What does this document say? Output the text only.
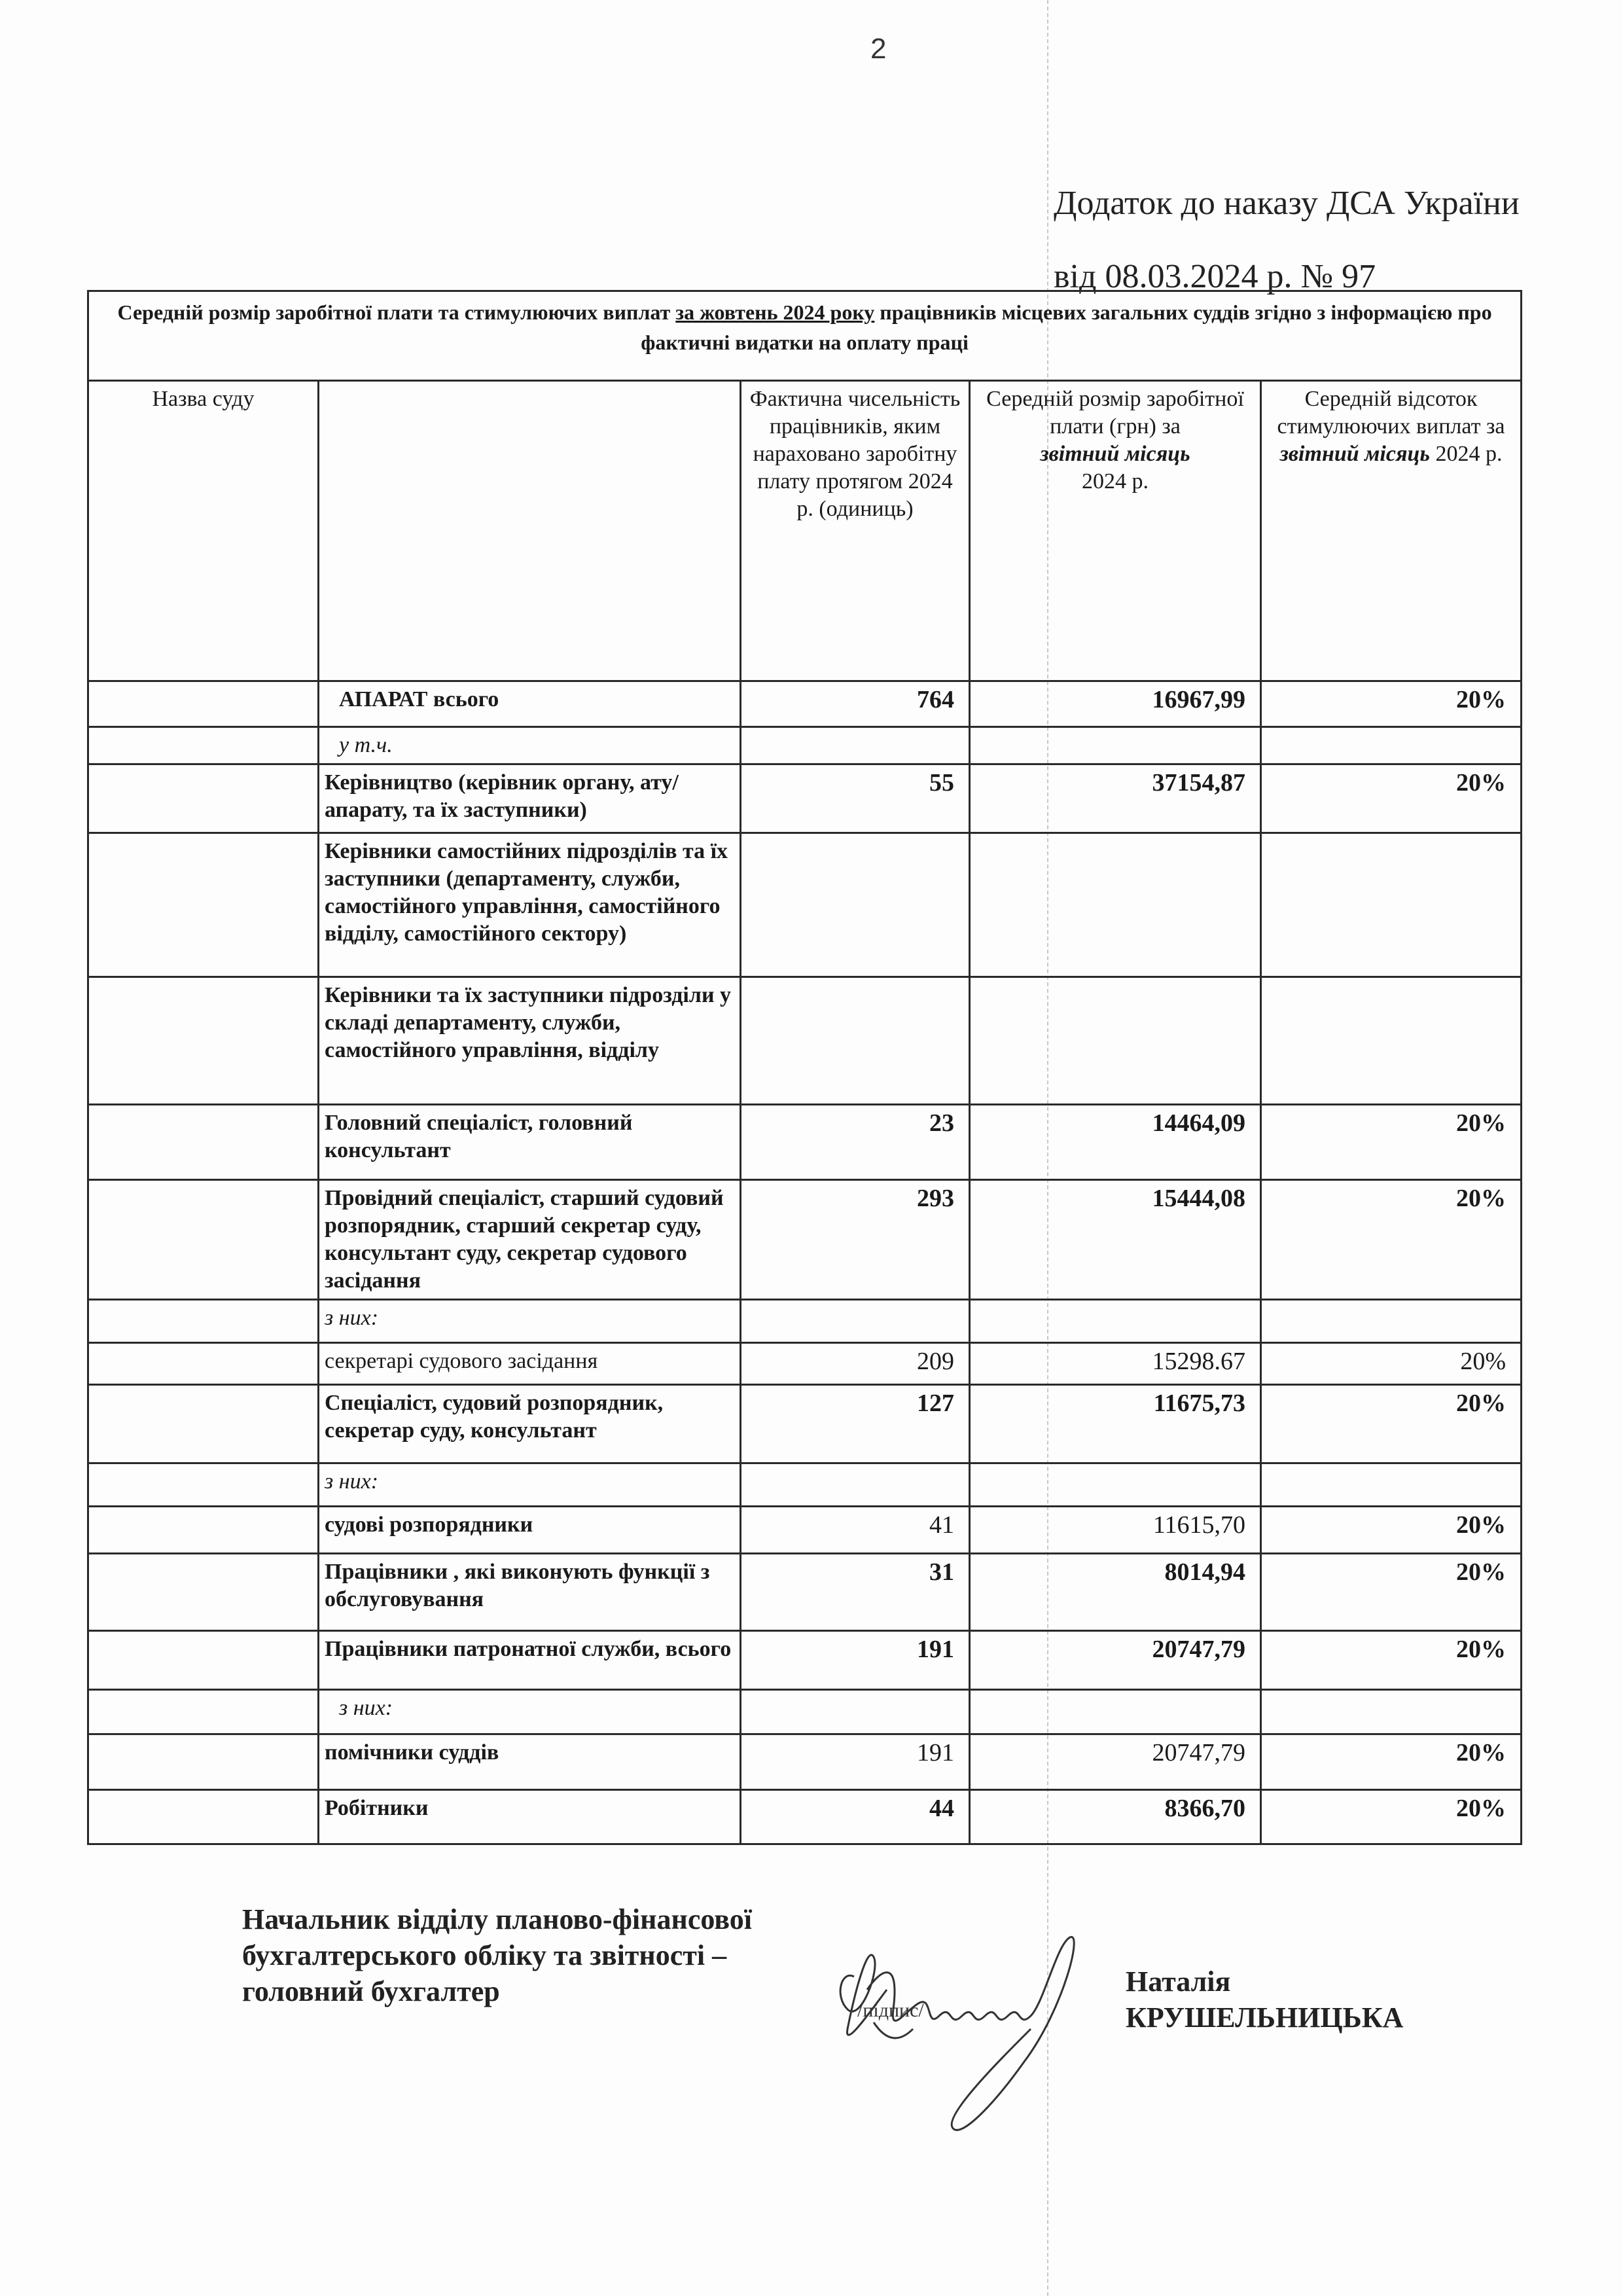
2
Додаток до наказу ДСА України
від 08.03.2024 р. № 97
Середній розмір заробітної плати та стимулюючих виплат за жовтень 2024 року працівників місцевих загальних суддів згідно з інформацією про фактичні видатки на оплату праці				
Назва суду		Фактична чисельність працівників, яким нараховано заробітну плату протягом 2024 р. (одиниць)	Середній розмір заробітної плати (грн) за
звітний місяць
2024 р.	Середній відсоток стимулюючих виплат за звітний місяць 2024 р.
	АПАРАТ всього	764	16967,99	20%
	у т.ч.			
	Керівництво (керівник органу, ату/апарату, та їх заступники)	55	37154,87	20%
	Керівники самостійних підрозділів та їх заступники (департаменту, служби, самостійного управління, самостійного відділу, самостійного сектору)			
	Керівники та їх заступники підрозділи у складі департаменту, служби, самостійного управління, відділу			
	Головний спеціаліст, головний консультант	23	14464,09	20%
	Провідний спеціаліст, старший судовий розпорядник, старший секретар суду, консультант суду, секретар судового засідання	293	15444,08	20%
	з них:			
	секретарі судового засідання	209	15298.67	20%
	Спеціаліст, судовий розпорядник, секретар суду, консультант	127	11675,73	20%
	з них:			
	судові розпорядники	41	11615,70	20%
	Працівники , які виконують функції з обслуговування	31	8014,94	20%
	Працівники патронатної служби, всього	191	20747,79	20%
	з них:			
	помічники суддів	191	20747,79	20%
	Робітники	44	8366,70	20%
Начальник відділу планово-фінансової
бухгалтерського обліку та звітності –
головний бухгалтер
/підпис/
Наталія
КРУШЕЛЬНИЦЬКА
